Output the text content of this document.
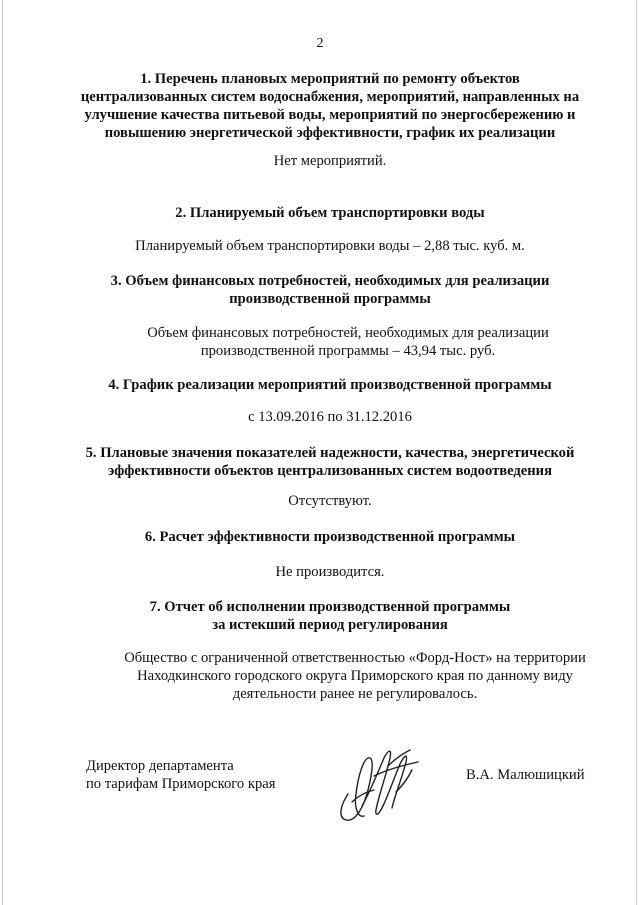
2
1. Перечень плановых мероприятий по ремонту объектов
централизованных систем водоснабжения, мероприятий, направленных на
улучшение качества питьевой воды, мероприятий по энергосбережению и
повышению энергетической эффективности, график их реализации
Нет мероприятий.
2. Планируемый объем транспортировки воды
Планируемый объем транспортировки воды – 2,88 тыс. куб. м.
3. Объем финансовых потребностей, необходимых для реализации
производственной программы
Объем финансовых потребностей, необходимых для реализации
производственной программы – 43,94 тыс. руб.
4. График реализации мероприятий производственной программы
с 13.09.2016 по 31.12.2016
5. Плановые значения показателей надежности, качества, энергетической
эффективности объектов централизованных систем водоотведения
Отсутствуют.
6. Расчет эффективности производственной программы
Не производится.
7. Отчет об исполнении производственной программы
за истекший период регулирования
Общество с ограниченной ответственностью «Форд-Ност» на территории
Находкинского городского округа Приморского края по данному виду
деятельности ранее не регулировалось.
Директор департамента
по тарифам Приморского края
В.А. Малюшицкий
